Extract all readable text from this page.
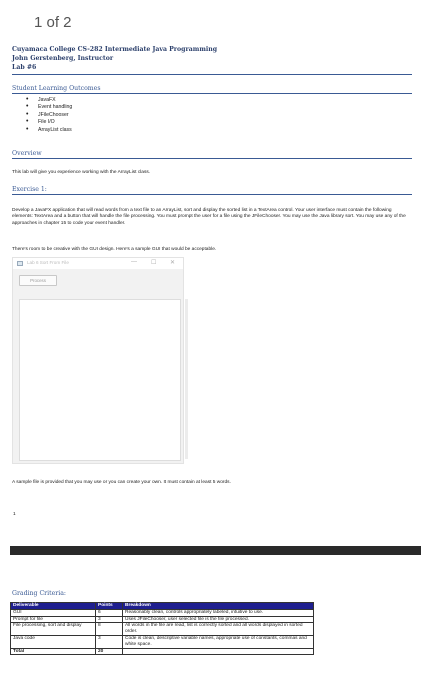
1 of 2
Cuyamaca College CS-282 Intermediate Java Programming
John Gerstenberg, Instructor
Lab #6
Student Learning Outcomes
• JavaFX
• Event handling
• JFileChooser
• File I/O
• ArrayList class
Overview
This lab will give you experience working with the ArrayList class.
Exercise 1:
Develop a JavaFX application that will read words from a text file to an ArrayList, sort and display the sorted list in a TextArea control. Your user interface must contain the following elements: TextArea and a button that will handle the file processing. You must prompt the user for a file using the JFileChooser. You may use the Java library sort. You may use any of the approaches in chapter 15 to code your event handler.
There's room to be creative with the GUI design. Here's a sample GUI that would be acceptable.
Lab 6 Sort From File	— ☐ ✕
Process
A sample file is provided that you may use or you can create your own. It must contain at least 5 words.
1
Grading Criteria:
Deliverable	Points	Breakdown
GUI	6	Reasonably clean, controls appropriately labeled, intuitive to use.
Prompt for file	3	Uses JFileChooser, user selected file is the file processed.
File processing, sort and display	8	All words in the file are read, list is correctly sorted and all words displayed in sorted order.
Java code	3	Code is clean, descriptive variable names, appropriate use of constants, commas and white space.
Total	20	
